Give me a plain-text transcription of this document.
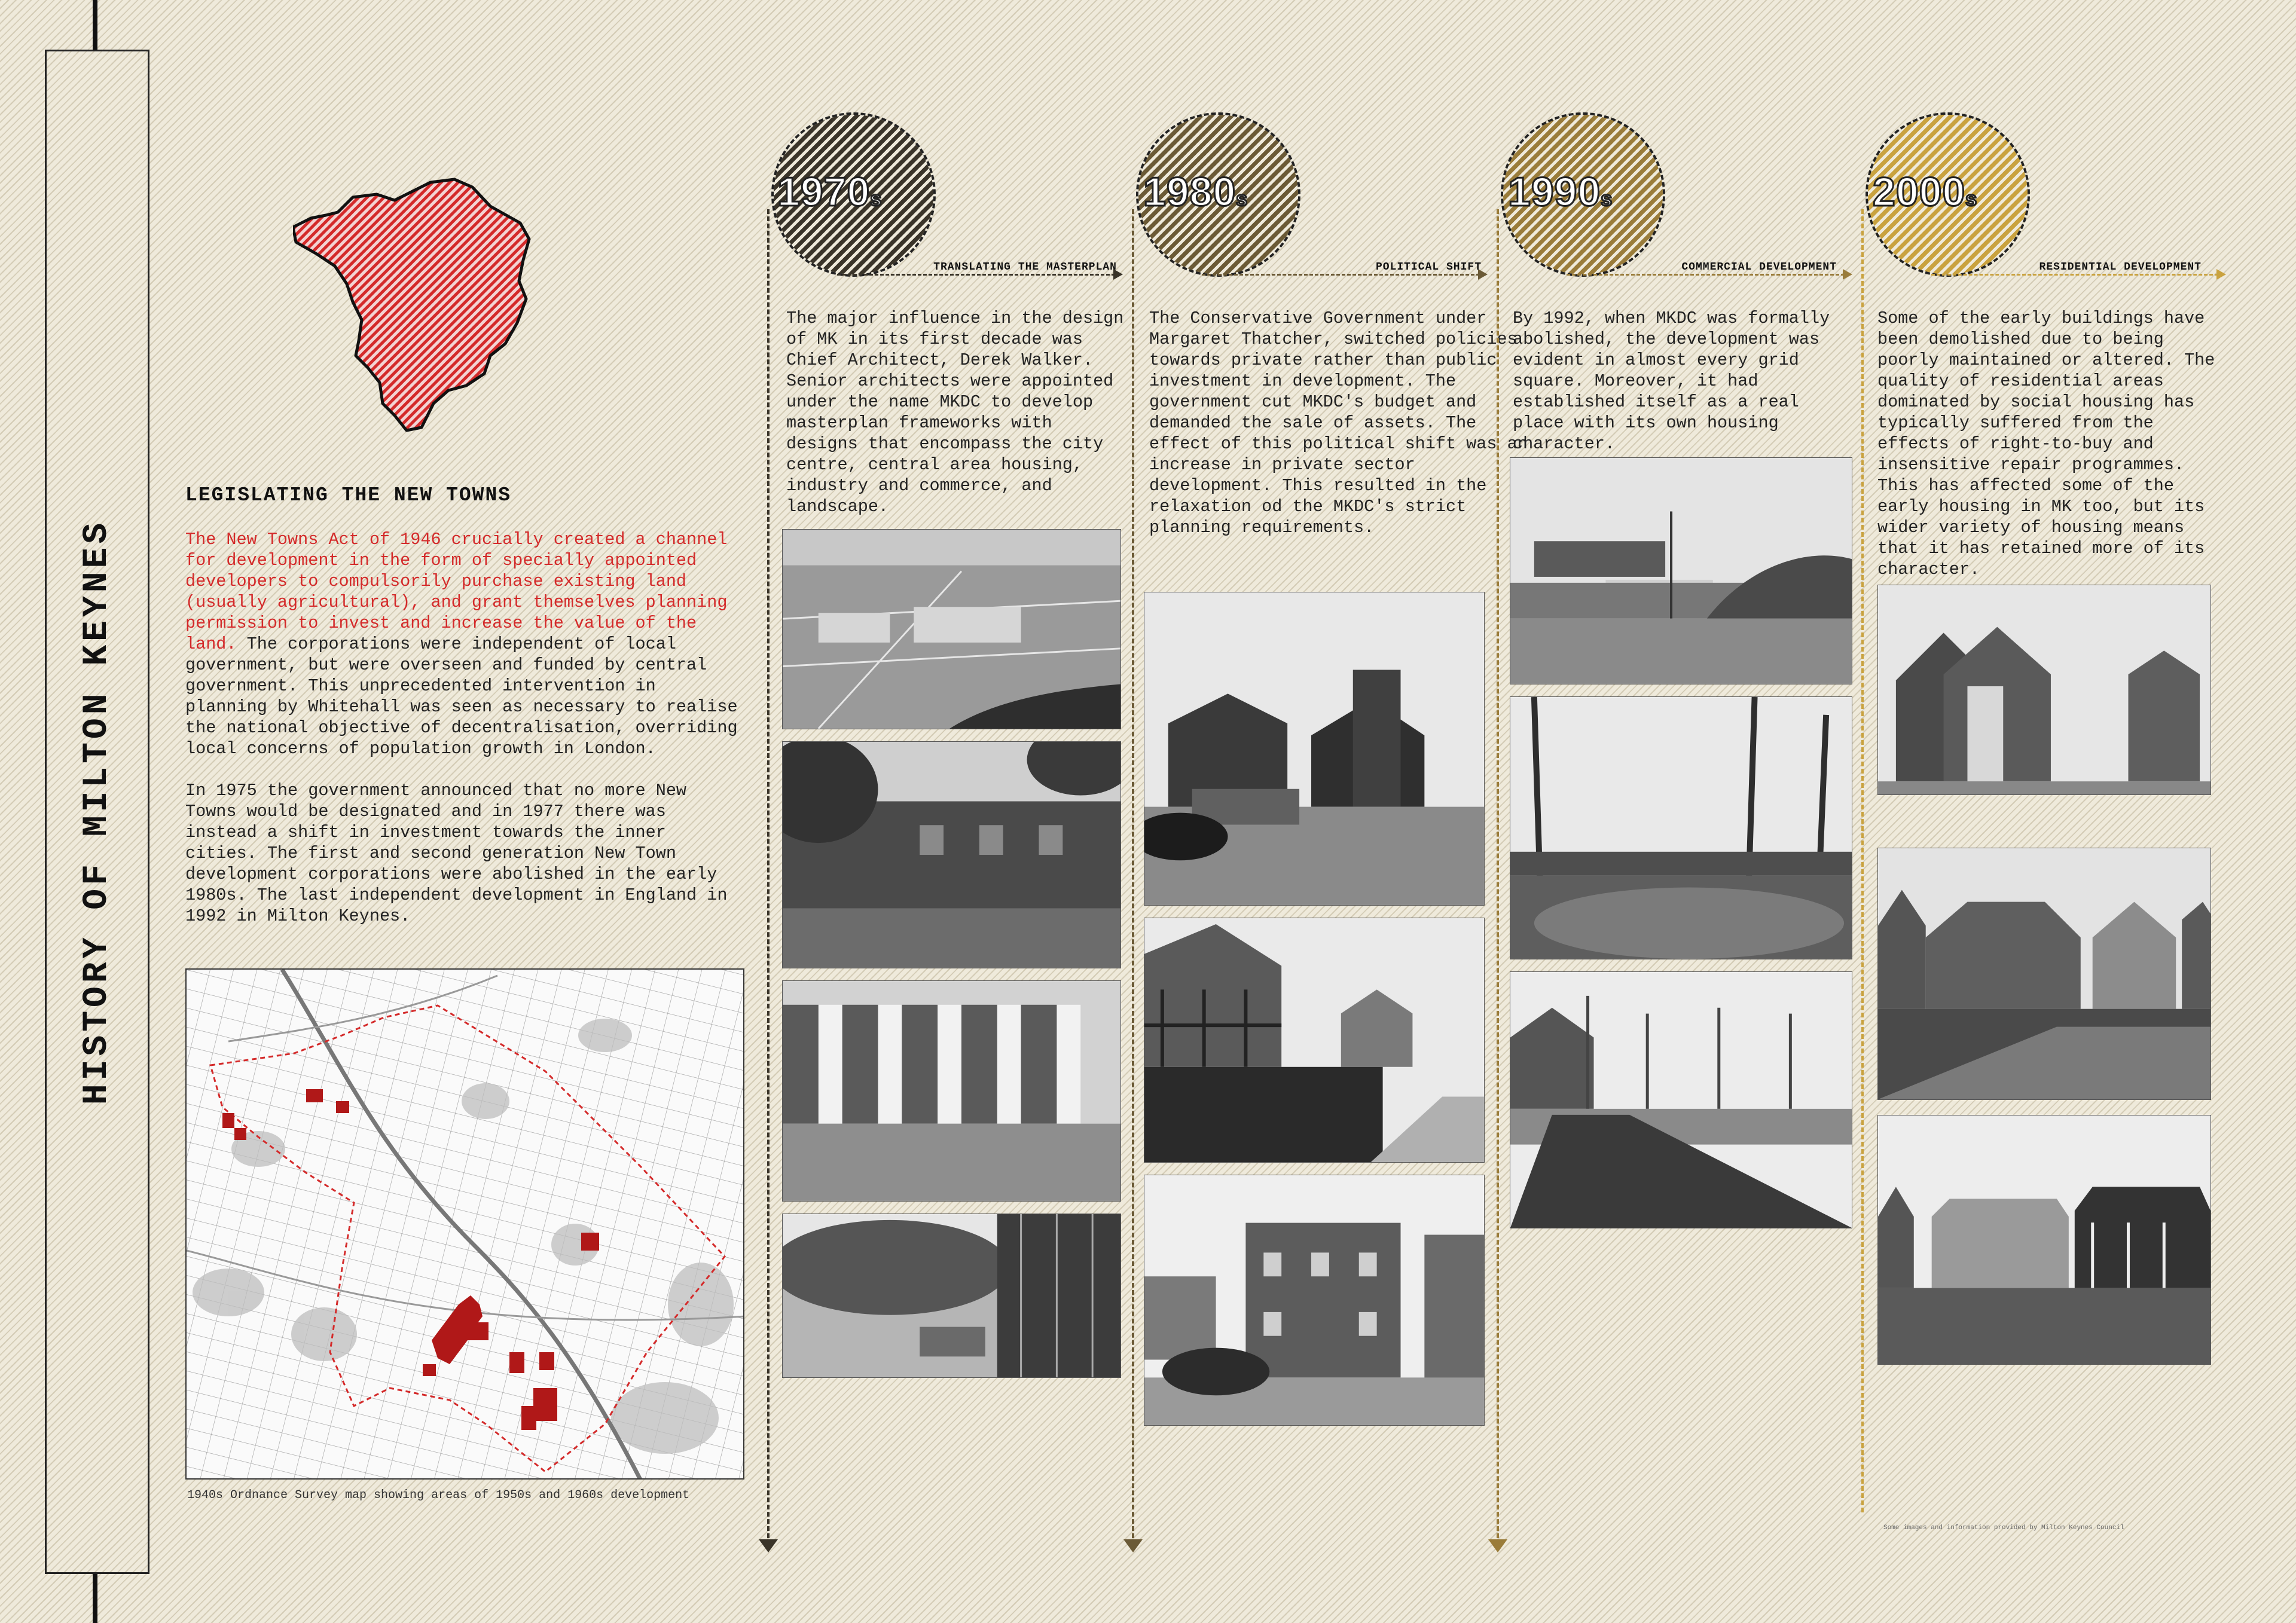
HISTORY OF MILTON KEYNES
LEGISLATING THE NEW TOWNS

The New Towns Act of 1946 crucially created a channel for development in the form of specially appointed developers to compulsorily purchase existing land (usually agricultural), and grant themselves planning permission to invest and increase the value of the land. The corporations were independent of local government, but were overseen and funded by central government. This unprecedented intervention in planning by Whitehall was seen as necessary to realise the national objective of decentralisation, overriding local concerns of population growth in London.

In 1975 the government announced that no more New Towns would be designated and in 1977 there was instead a shift in investment towards the inner cities. The first and second generation New Town development corporations were abolished in the early 1980s. The last independent development in England in 1992 in Milton Keynes.

1940s Ordnance Survey map showing areas of 1950s and 1960s development
1970s
TRANSLATING THE MASTERPLAN
The major influence in the design of MK in its first decade was Chief Architect, Derek Walker. Senior architects were appointed under the name MKDC to develop masterplan frameworks with designs that encompass the city centre, central area housing, industry and commerce, and landscape.
1980s
POLITICAL SHIFT
The Conservative Government under Margaret Thatcher, switched policies towards private rather than public investment in development. The government cut MKDC's budget and demanded the sale of assets. The effect of this political shift was an increase in private sector development. This resulted in the relaxation od the MKDC's strict planning requirements.
1990s
COMMERCIAL DEVELOPMENT
By 1992, when MKDC was formally abolished, the development was evident in almost every grid square. Moreover, it had established itself as a real place with its own housing character.
2000s
RESIDENTIAL DEVELOPMENT
Some of the early buildings have been demolished due to being poorly maintained or altered. The quality of residential areas dominated by social housing has typically suffered from the effects of right-to-buy and insensitive repair programmes. This has affected some of the early housing in MK too, but its wider variety of housing means that it has retained more of its character.
Some images and information provided by Milton Keynes Council
